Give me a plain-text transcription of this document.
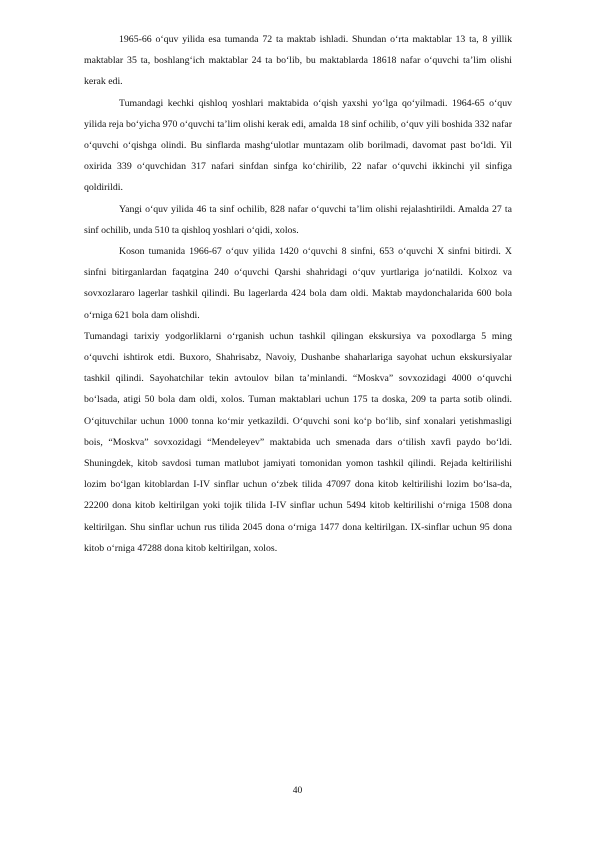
1965-66 o‘quv yilida esa tumanda 72 ta maktab ishladi. Shundan o‘rta maktablar 13 ta, 8 yillik maktablar 35 ta, boshlang‘ich maktablar 24 ta bo‘lib, bu maktablarda 18618 nafar o‘quvchi ta’lim olishi kerak edi.

Tumandagi kechki qishloq yoshlari maktabida o‘qish yaxshi yo‘lga qo‘yilmadi. 1964-65 o‘quv yilida reja bo‘yicha 970 o‘quvchi ta’lim olishi kerak edi, amalda 18 sinf ochilib, o‘quv yili boshida 332 nafar o‘quvchi o‘qishga olindi. Bu sinflarda mashg‘ulotlar muntazam olib borilmadi, davomat past bo‘ldi. Yil oxirida 339 o‘quvchidan 317 nafari sinfdan sinfga ko‘chirilib, 22 nafar o‘quvchi ikkinchi yil sinfiga qoldirildi.

Yangi o‘quv yilida 46 ta sinf ochilib, 828 nafar o‘quvchi ta’lim olishi rejalashtirildi. Amalda 27 ta sinf ochilib, unda 510 ta qishloq yoshlari o‘qidi, xolos.

Koson tumanida 1966-67 o‘quv yilida 1420 o‘quvchi 8 sinfni, 653 o‘quvchi X sinfni bitirdi. X sinfni bitirganlardan faqatgina 240 o‘quvchi Qarshi shahridagi o‘quv yurtlariga jo‘natildi. Kolxoz va sovxozlararo lagerlar tashkil qilindi. Bu lagerlarda 424 bola dam oldi. Maktab maydonchalarida 600 bola o‘rniga 621 bola dam olishdi.

Tumandagi tarixiy yodgorliklarni o‘rganish uchun tashkil qilingan ekskursiya va poxodlarga 5 ming o‘quvchi ishtirok etdi. Buxoro, Shahrisabz, Navoiy, Dushanbe shaharlariga sayohat uchun ekskursiyalar tashkil qilindi. Sayohatchilar tekin avtoulov bilan ta’minlandi. “Moskva” sovxozidagi 4000 o‘quvchi bo‘lsada, atigi 50 bola dam oldi, xolos. Tuman maktablari uchun 175 ta doska, 209 ta parta sotib olindi. O‘qituvchilar uchun 1000 tonna ko‘mir yetkazildi. O‘quvchi soni ko‘p bo‘lib, sinf xonalari yetishmasligi bois, “Moskva” sovxozidagi “Mendeleyev” maktabida uch smenada dars o‘tilish xavfi paydo bo‘ldi. Shuningdek, kitob savdosi tuman matlubot jamiyati tomonidan yomon tashkil qilindi. Rejada keltirilishi lozim bo‘lgan kitoblardan I-IV sinflar uchun o‘zbek tilida 47097 dona kitob keltirilishi lozim bo‘lsa-da, 22200 dona kitob keltirilgan yoki tojik tilida I-IV sinflar uchun 5494 kitob keltirilishi o‘rniga 1508 dona keltirilgan. Shu sinflar uchun rus tilida 2045 dona o‘rniga 1477 dona keltirilgan. IX-sinflar uchun 95 dona kitob o‘rniga 47288 dona kitob keltirilgan, xolos.

40
